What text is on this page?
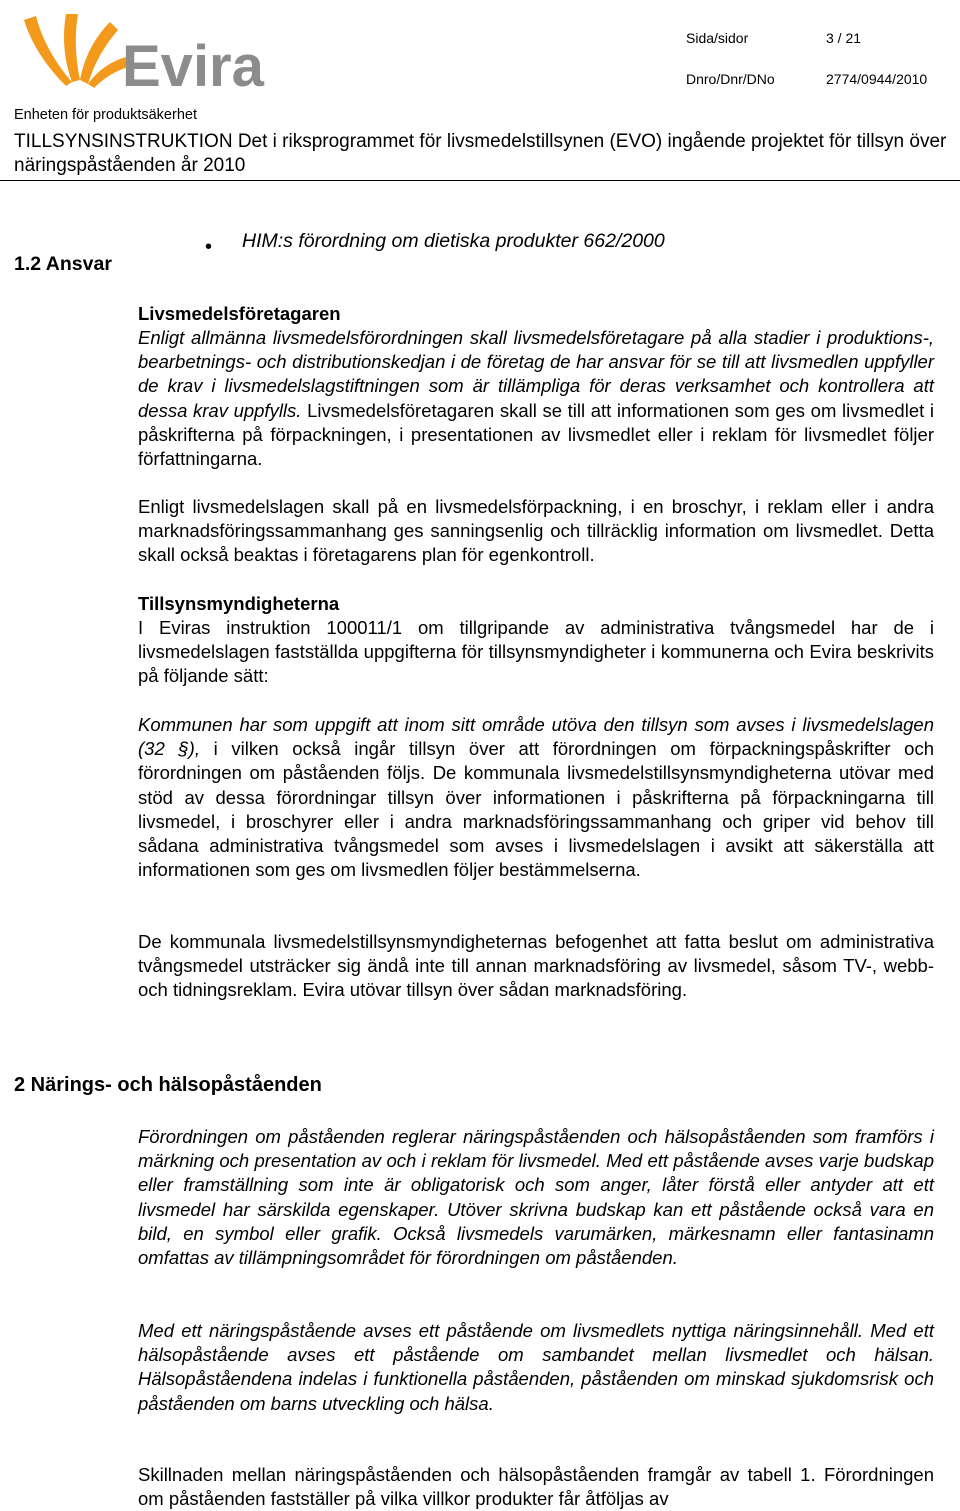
Evira	Sida/sidor	3 / 21
Dnro/Dnr/DNo	2774/0944/2010
Enheten för produktsäkerhet
TILLSYNSINSTRUKTION Det i riksprogrammet för livsmedelstillsynen (EVO) ingående projektet för tillsyn över näringspåståenden år 2010
1.2 Ansvar
• HIM:s förordning om dietiska produkter 662/2000
Livsmedelsföretagaren

Enligt allmänna livsmedelsförordningen skall livsmedelsföretagare på alla stadier i produktions-, bearbetnings- och distributionskedjan i de företag de har ansvar för se till att livsmedlen uppfyller de krav i livsmedelslagstiftningen som är tillämpliga för deras verksamhet och kontrollera att dessa krav uppfylls. Livsmedelsföretagaren skall se till att informationen som ges om livsmedlet i påskrifterna på förpackningen, i presentationen av livsmedlet eller i reklam för livsmedlet följer författningarna.

Enligt livsmedelslagen skall på en livsmedelsförpackning, i en broschyr, i reklam eller i andra marknadsföringssammanhang ges sanningsenlig och tillräcklig information om livsmedlet. Detta skall också beaktas i företagarens plan för egenkontroll.

Tillsynsmyndigheterna

I Eviras instruktion 100011/1 om tillgripande av administrativa tvångsmedel har de i livsmedelslagen fastställda uppgifterna för tillsynsmyndigheter i kommunerna och Evira beskrivits på följande sätt:

Kommunen har som uppgift att inom sitt område utöva den tillsyn som avses i livsmedelslagen (32 §), i vilken också ingår tillsyn över att förordningen om förpackningspåskrifter och förordningen om påståenden följs. De kommunala livsmedelstillsynsmyndigheterna utövar med stöd av dessa förordningar tillsyn över informationen i påskrifterna på förpackningarna till livsmedel, i broschyrer eller i andra marknadsföringssammanhang och griper vid behov till sådana administrativa tvångsmedel som avses i livsmedelslagen i avsikt att säkerställa att informationen som ges om livsmedlen följer bestämmelserna.

De kommunala livsmedelstillsynsmyndigheternas befogenhet att fatta beslut om administrativa tvångsmedel utsträcker sig ändå inte till annan marknadsföring av livsmedel, såsom TV-, webb- och tidningsreklam. Evira utövar tillsyn över sådan marknadsföring.

2 Närings- och hälsopåståenden

Förordningen om påståenden reglerar näringspåståenden och hälsopåståenden som framförs i märkning och presentation av och i reklam för livsmedel. Med ett påstående avses varje budskap eller framställning som inte är obligatorisk och som anger, låter förstå eller antyder att ett livsmedel har särskilda egenskaper. Utöver skrivna budskap kan ett påstående också vara en bild, en symbol eller grafik. Också livsmedels varumärken, märkesnamn eller fantasinamn omfattas av tillämpningsområdet för förordningen om påståenden.

Med ett näringspåstående avses ett påstående om livsmedlets nyttiga näringsinnehåll. Med ett hälsopåstående avses ett påstående om sambandet mellan livsmedlet och hälsan. Hälsopåståendena indelas i funktionella påståenden, påståenden om minskad sjukdomsrisk och påståenden om barns utveckling och hälsa.

Skillnaden mellan näringspåståenden och hälsopåståenden framgår av tabell 1. Förordningen om påståenden fastställer på vilka villkor produkter får åtföljas av
